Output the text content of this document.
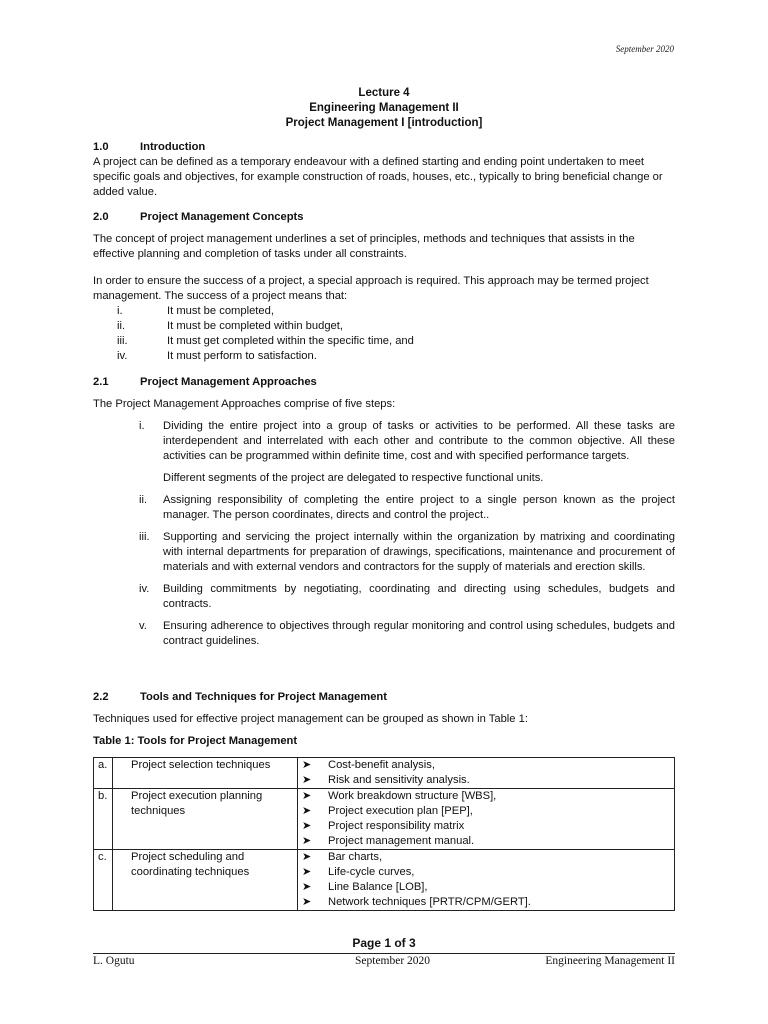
September 2020
Lecture 4
Engineering Management II
Project Management I [introduction]
1.0	Introduction

A project can be defined as a temporary endeavour with a defined starting and ending point undertaken to meet specific goals and objectives, for example construction of roads, houses, etc., typically to bring beneficial change or added value.

2.0	Project Management Concepts

The concept of project management underlines a set of principles, methods and techniques that assists in the effective planning and completion of tasks under all constraints.

In order to ensure the success of a project, a special approach is required. This approach may be termed project management. The success of a project means that:

i.	It must be completed,
ii.	It must be completed within budget,
iii.	It must get completed within the specific time, and
iv.	It must perform to satisfaction.
2.1	Project Management Approaches

The Project Management Approaches comprise of five steps:

i.	Dividing the entire project into a group of tasks or activities to be performed. All these tasks are interdependent and interrelated with each other and contribute to the common objective. All these activities can be programmed within definite time, cost and with specified performance targets.
Different segments of the project are delegated to respective functional units.
ii.	Assigning responsibility of completing the entire project to a single person known as the project manager. The person coordinates, directs and control the project..
iii.	Supporting and servicing the project internally within the organization by matrixing and coordinating with internal departments for preparation of drawings, specifications, maintenance and procurement of materials and with external vendors and contractors for the supply of materials and erection skills.
iv.	Building commitments by negotiating, coordinating and directing using schedules, budgets and contracts.
v.	Ensuring adherence to objectives through regular monitoring and control using schedules, budgets and contract guidelines.
2.2	Tools and Techniques for Project Management

Techniques used for effective project management can be grouped as shown in Table 1:

Table 1: Tools for Project Management

a.	Project selection techniques	➤ Cost-benefit analysis,
➤ Risk and sensitivity analysis.

b.	Project execution planning techniques	➤ Work breakdown structure [WBS],
➤ Project execution plan [PEP],
➤ Project responsibility matrix
➤ Project management manual.

c.	Project scheduling and coordinating techniques	➤ Bar charts,
➤ Life-cycle curves,
➤ Line Balance [LOB],
➤ Network techniques [PRTR/CPM/GERT].
Page 1 of 3
L. Ogutu	September 2020	Engineering Management II
